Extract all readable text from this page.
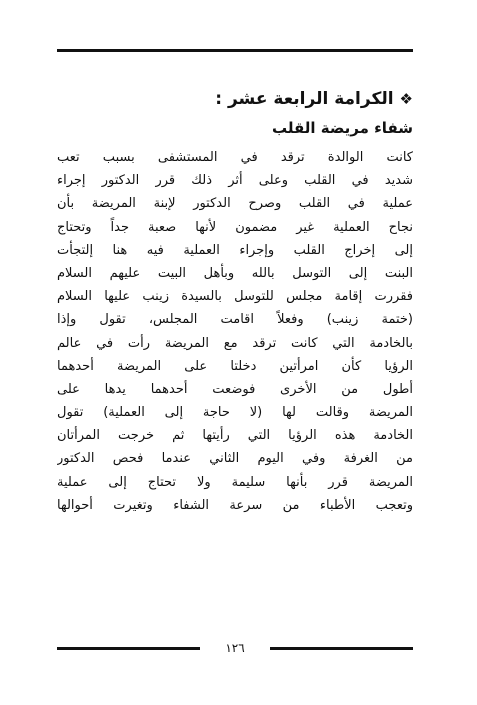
❖الكرامة الرابعة عشر :
شفاء مريضة القلب
كانت الوالدة ترقد في المستشفى بسبب تعب
شديد في القلب وعلى أثر ذلك قرر الدكتور إجراء
عملية في القلب وصرح الدكتور لإبنة المريضة بأن
نجاح العملية غير مضمون لأنها صعبة جداً وتحتاج
إلى إخراج القلب وإجراء العملية فيه هنا إلتجأت
البنت إلى التوسل بالله وبأهل البيت عليهم السلام
فقررت إقامة مجلس للتوسل بالسيدة زينب عليها السلام
(ختمة زينب) وفعلاً اقامت المجلس، تقول وإذا
بالخادمة التي كانت ترقد مع المريضة رأت في عالم
الرؤيا كأن امرأتين دخلتا على المريضة أحدهما
أطول من الأخرى فوضعت أحدهما يدها على
المريضة وقالت لها (لا حاجة إلى العملية) تقول
الخادمة هذه الرؤيا التي رأيتها ثم خرجت المرأتان
من الغرفة وفي اليوم الثاني عندما فحص الدكتور
المريضة قرر بأنها سليمة ولا تحتاج إلى عملية
وتعجب الأطباء من سرعة الشفاء وتغيرت أحوالها
١٢٦
